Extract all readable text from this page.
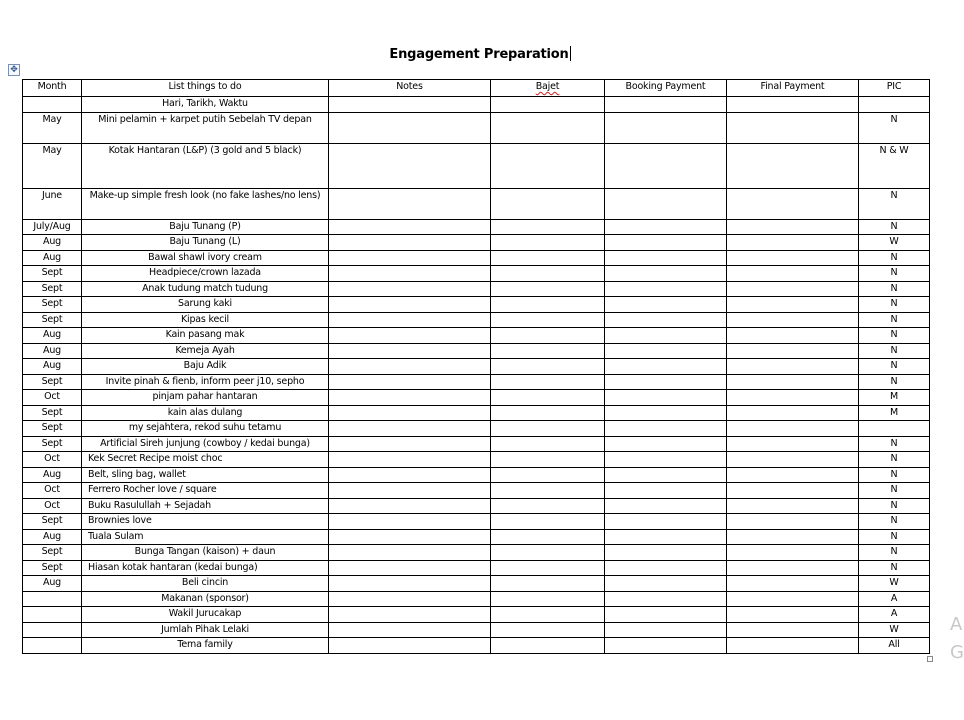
Engagement Preparation
✥
Month	List things to do	Notes	Bajet	Booking Payment	Final Payment	PIC
	Hari, Tarikh, Waktu					
May	Mini pelamin + karpet putih Sebelah TV depan					N
May	Kotak Hantaran (L&P) (3 gold and 5 black)					N & W
June	Make-up simple fresh look (no fake lashes/no lens)					N
July/Aug	Baju Tunang (P)					N
Aug	Baju Tunang (L)					W
Aug	Bawal shawl ivory cream					N
Sept	Headpiece/crown lazada					N
Sept	Anak tudung match tudung					N
Sept	Sarung kaki					N
Sept	Kipas kecil					N
Aug	Kain pasang mak					N
Aug	Kemeja Ayah					N
Aug	Baju Adik					N
Sept	Invite pinah & fienb, inform peer j10, sepho					N
Oct	pinjam pahar hantaran					M
Sept	kain alas dulang					M
Sept	my sejahtera, rekod suhu tetamu					
Sept	Artificial Sireh junjung (cowboy / kedai bunga)					N
Oct	Kek Secret Recipe moist choc					N
Aug	Belt, sling bag, wallet					N
Oct	Ferrero Rocher love / square					N
Oct	Buku Rasulullah + Sejadah					N
Sept	Brownies love					N
Aug	Tuala Sulam					N
Sept	Bunga Tangan (kaison) + daun					N
Sept	Hiasan kotak hantaran (kedai bunga)					N
Aug	Beli cincin					W
	Makanan (sponsor)					A
	Wakil Jurucakap					A
	Jumlah Pihak Lelaki					W
	Tema family					All
A
G
